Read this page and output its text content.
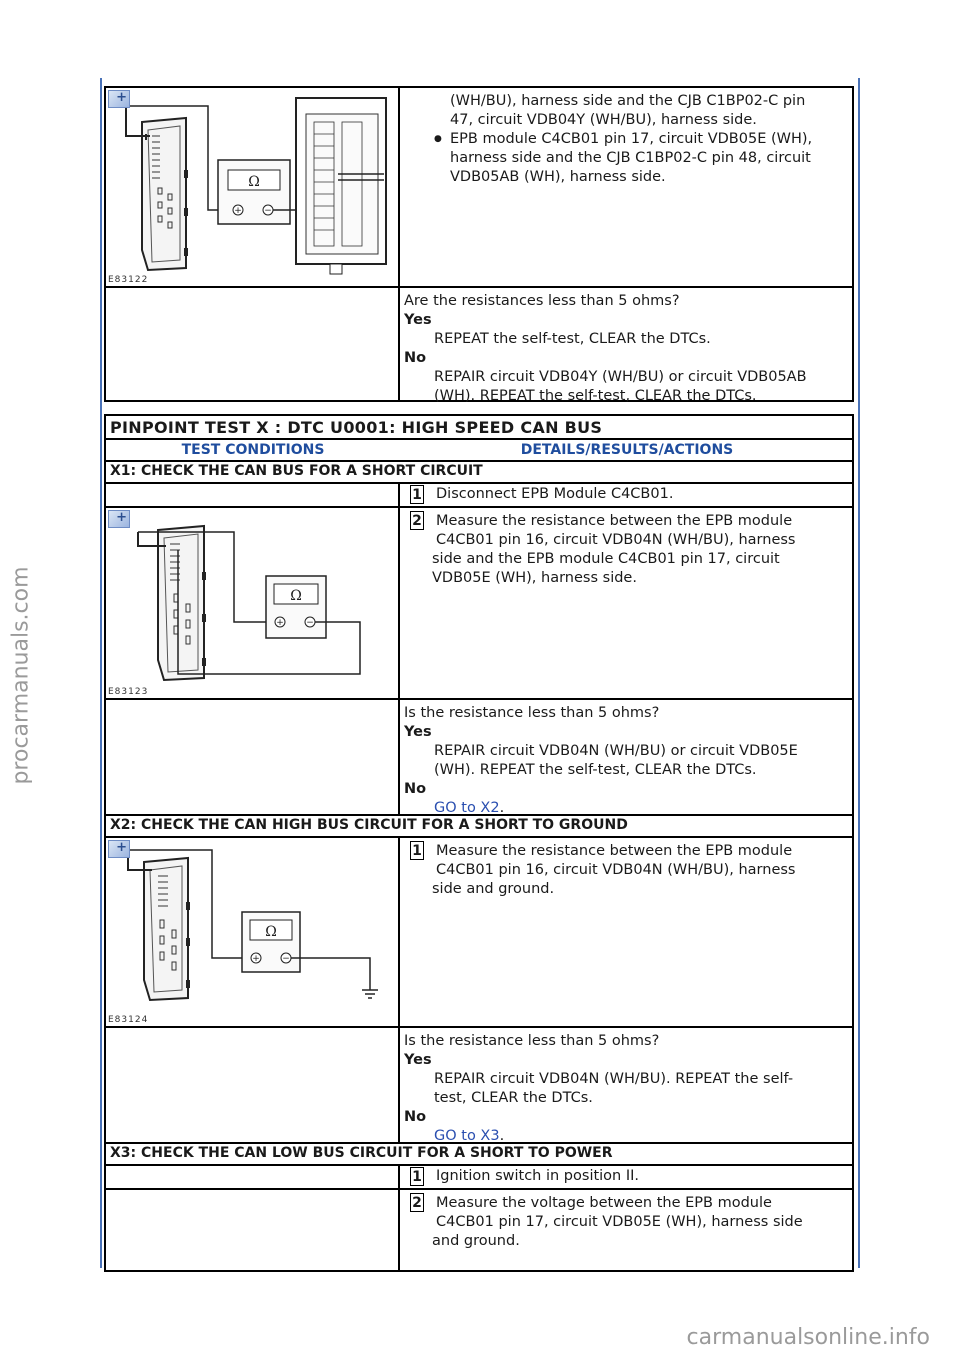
procarmanuals.com
carmanualsonline.info
Ω
+ −
+
E83122
(WH/BU), harness side and the CJB C1BP02-C pin
47, circuit VDB04Y (WH/BU), harness side.
● EPB module C4CB01 pin 17, circuit VDB05E (WH),
harness side and the CJB C1BP02-C pin 48, circuit
VDB05AB (WH), harness side.
Are the resistances less than 5 ohms?
Yes
REPEAT the self-test, CLEAR the DTCs.
No
REPAIR circuit VDB04Y (WH/BU) or circuit VDB05AB
(WH). REPEAT the self-test, CLEAR the DTCs.
PINPOINT TEST X : DTC U0001: HIGH SPEED CAN BUS
TEST CONDITIONS	DETAILS/RESULTS/ACTIONS
X1: CHECK THE CAN BUS FOR A SHORT CIRCUIT
1 Disconnect EPB Module C4CB01.
Ω
+ −
+
E83123
2 Measure the resistance between the EPB module
C4CB01 pin 16, circuit VDB04N (WH/BU), harness
side and the EPB module C4CB01 pin 17, circuit
VDB05E (WH), harness side.
Is the resistance less than 5 ohms?
Yes
REPAIR circuit VDB04N (WH/BU) or circuit VDB05E
(WH). REPEAT the self-test, CLEAR the DTCs.
No
GO to X2.
X2: CHECK THE CAN HIGH BUS CIRCUIT FOR A SHORT TO GROUND
Ω
+ −
+
E83124
1 Measure the resistance between the EPB module
C4CB01 pin 16, circuit VDB04N (WH/BU), harness
side and ground.
Is the resistance less than 5 ohms?
Yes
REPAIR circuit VDB04N (WH/BU). REPEAT the self-
test, CLEAR the DTCs.
No
GO to X3.
X3: CHECK THE CAN LOW BUS CIRCUIT FOR A SHORT TO POWER
1 Ignition switch in position II.
2 Measure the voltage between the EPB module
C4CB01 pin 17, circuit VDB05E (WH), harness side
and ground.
